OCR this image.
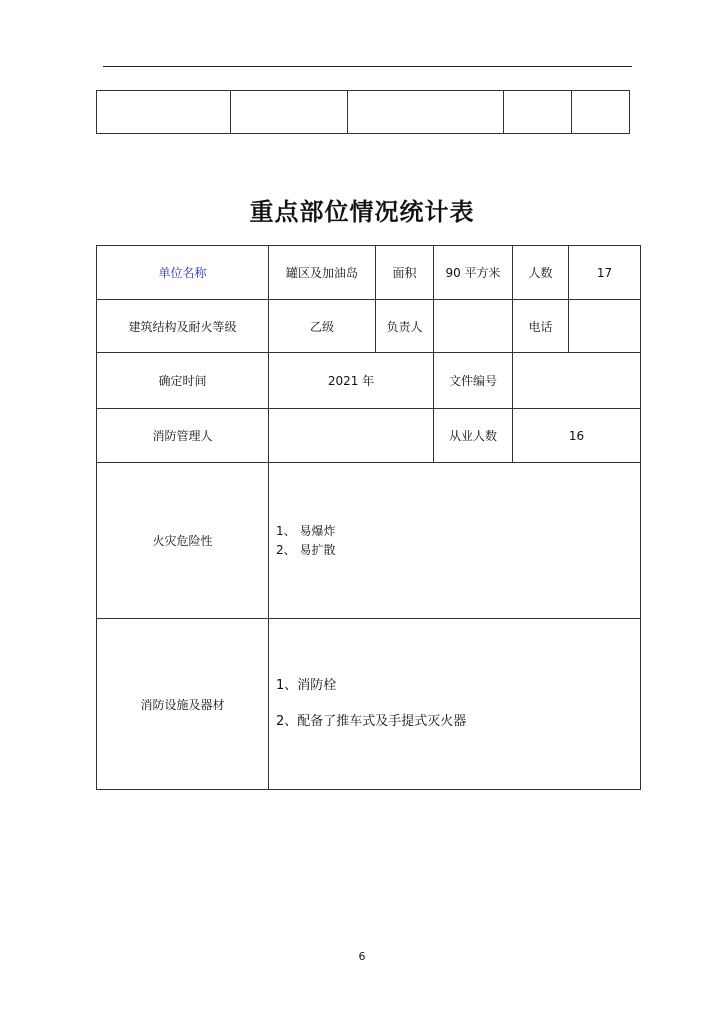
重点部位情况统计表
单位名称	罐区及加油岛	面积	90 平方米	人数	17
建筑结构及耐火等级	乙级	负责人		电话	
确定时间	2021 年		文件编号		
消防管理人			从业人数	16	
火灾危险性	1、 易爆炸
2、 易扩散				

消防设施及器材	1、消防栓
2、配备了推车式及手提式灭火器				
6
